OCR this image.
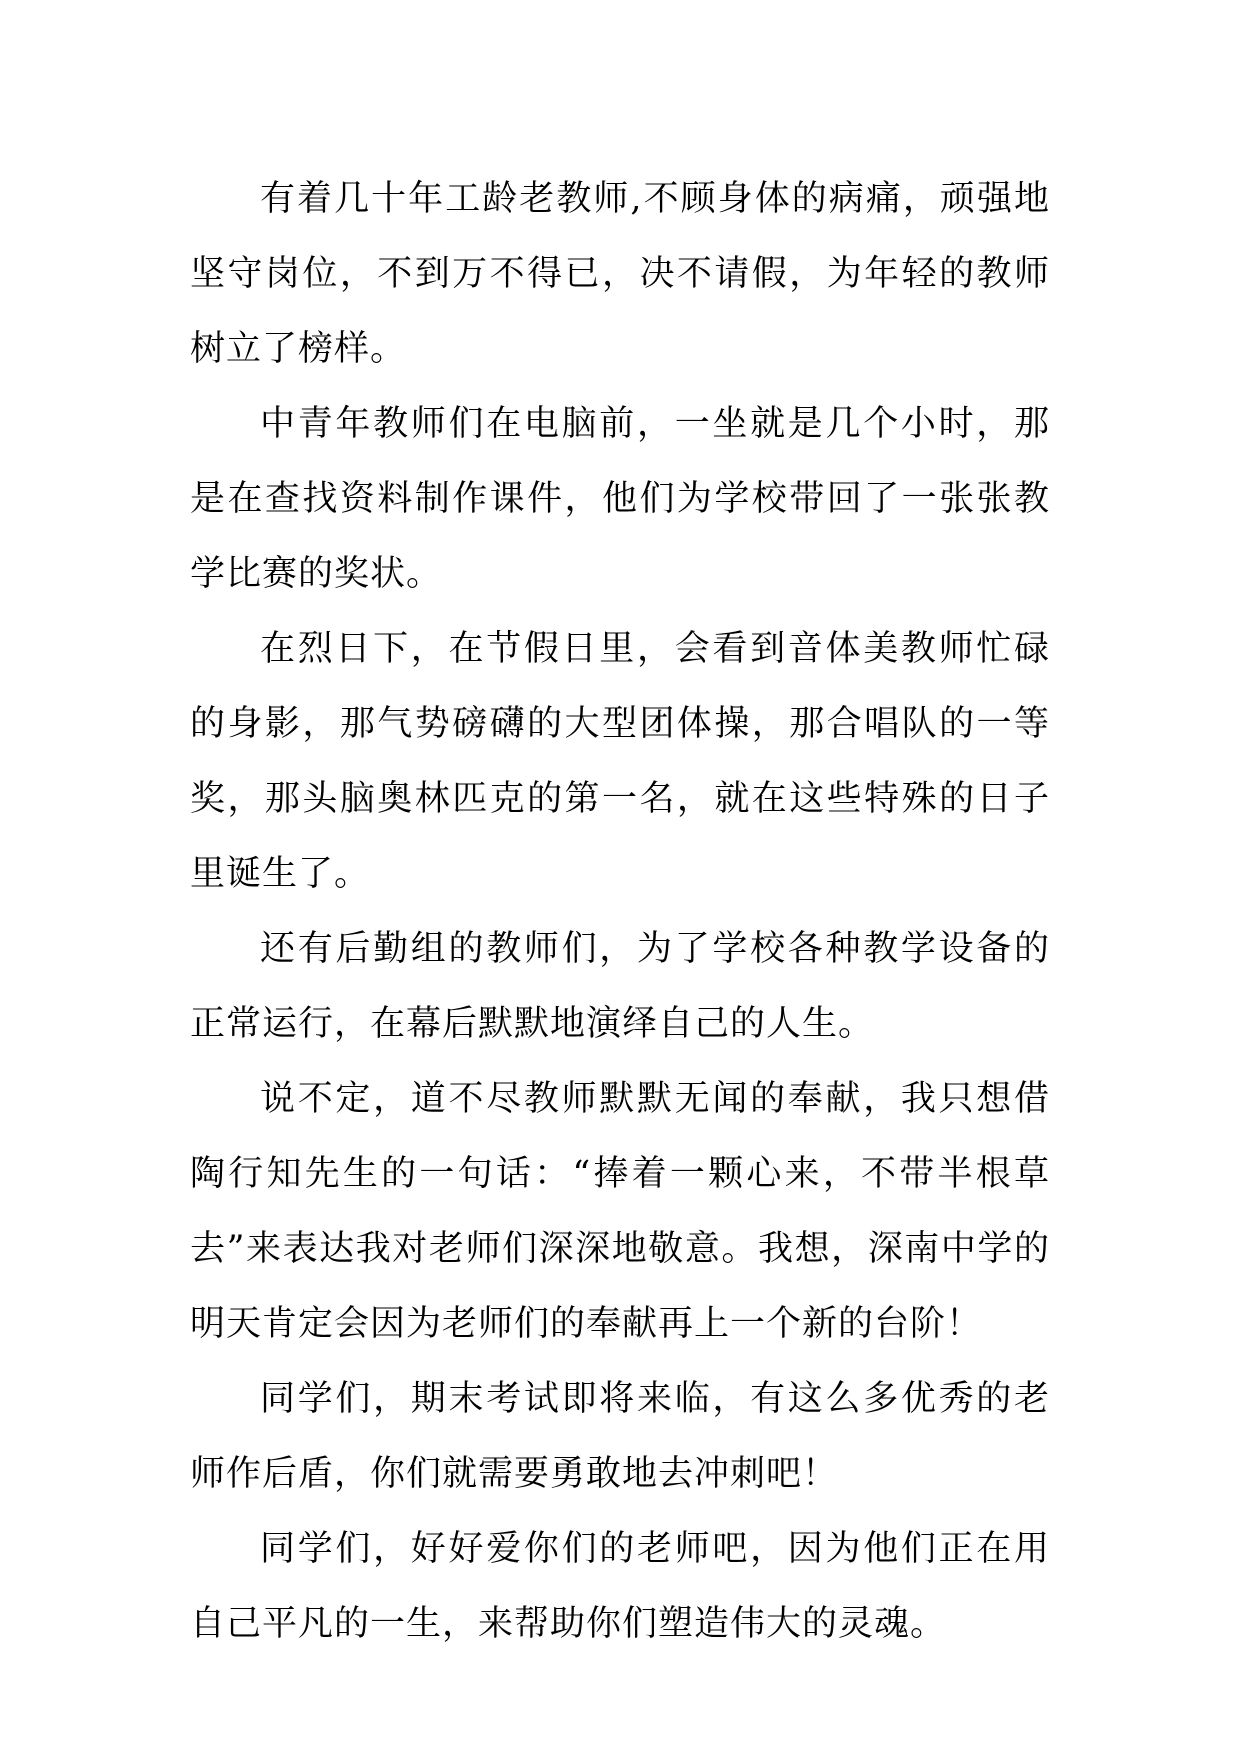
有着几十年工龄老教师,不顾身体的病痛，顽强地坚守岗位，不到万不得已，决不请假，为年轻的教师树立了榜样。

中青年教师们在电脑前，一坐就是几个小时，那是在查找资料制作课件，他们为学校带回了一张张教学比赛的奖状。

在烈日下，在节假日里，会看到音体美教师忙碌的身影，那气势磅礴的大型团体操，那合唱队的一等奖，那头脑奥林匹克的第一名，就在这些特殊的日子里诞生了。

还有后勤组的教师们，为了学校各种教学设备的正常运行，在幕后默默地演绎自己的人生。

说不定，道不尽教师默默无闻的奉献，我只想借陶行知先生的一句话：“捧着一颗心来，不带半根草去”来表达我对老师们深深地敬意。我想，深南中学的明天肯定会因为老师们的奉献再上一个新的台阶！

同学们，期末考试即将来临，有这么多优秀的老师作后盾，你们就需要勇敢地去冲刺吧！

同学们，好好爱你们的老师吧，因为他们正在用自己平凡的一生，来帮助你们塑造伟大的灵魂。
